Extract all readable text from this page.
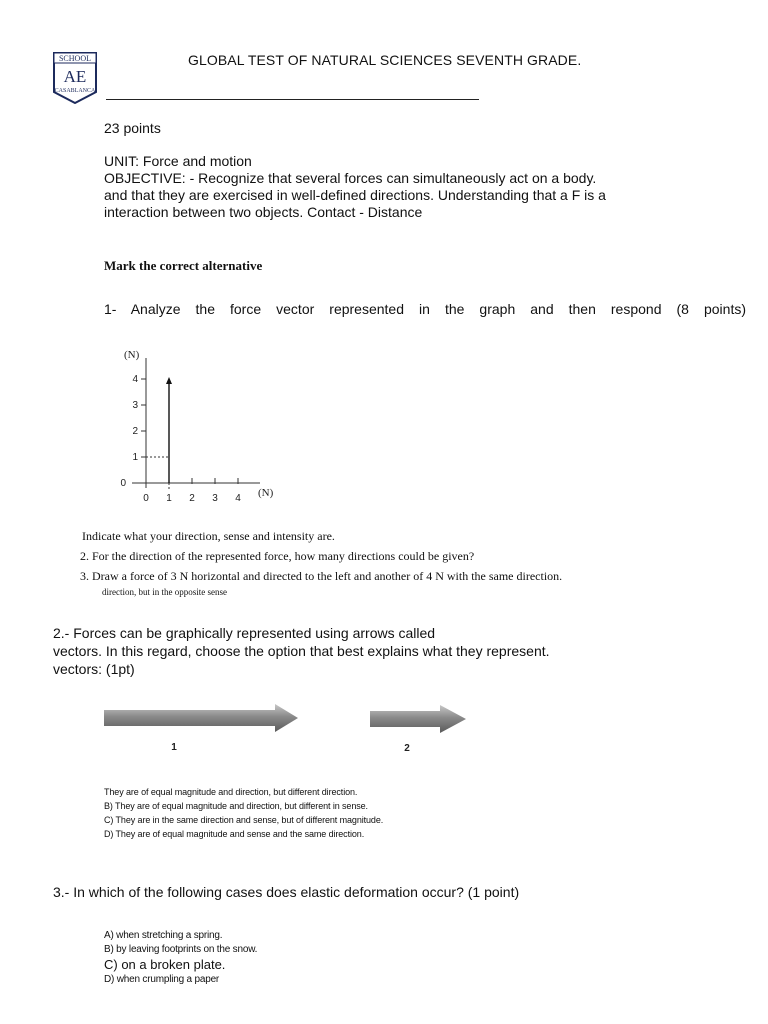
SCHOOL
AE
CASABLANCA
GLOBAL TEST OF NATURAL SCIENCES SEVENTH GRADE.
23 points
UNIT: Force and motion
OBJECTIVE: - Recognize that several forces can simultaneously act on a body.
and that they are exercised in well-defined directions. Understanding that a F is a
interaction between two objects. Contact - Distance
Mark the correct alternative
1- Analyze the force vector represented in the graph and then respond (8 points)
(N)
(N)
4
3
2
1
0
0 1 2 3 4
Indicate what your direction, sense and intensity are.
2. For the direction of the represented force, how many directions could be given?
3. Draw a force of 3 N horizontal and directed to the left and another of 4 N with the same direction.
direction, but in the opposite sense
2.- Forces can be graphically represented using arrows called
vectors. In this regard, choose the option that best explains what they represent.
vectors: (1pt)
1	2
They are of equal magnitude and direction, but different direction.
B) They are of equal magnitude and direction, but different in sense.
C) They are in the same direction and sense, but of different magnitude.
D) They are of equal magnitude and sense and the same direction.
3.- In which of the following cases does elastic deformation occur? (1 point)
A) when stretching a spring.
B) by leaving footprints on the snow.
C) on a broken plate.
D) when crumpling a paper
